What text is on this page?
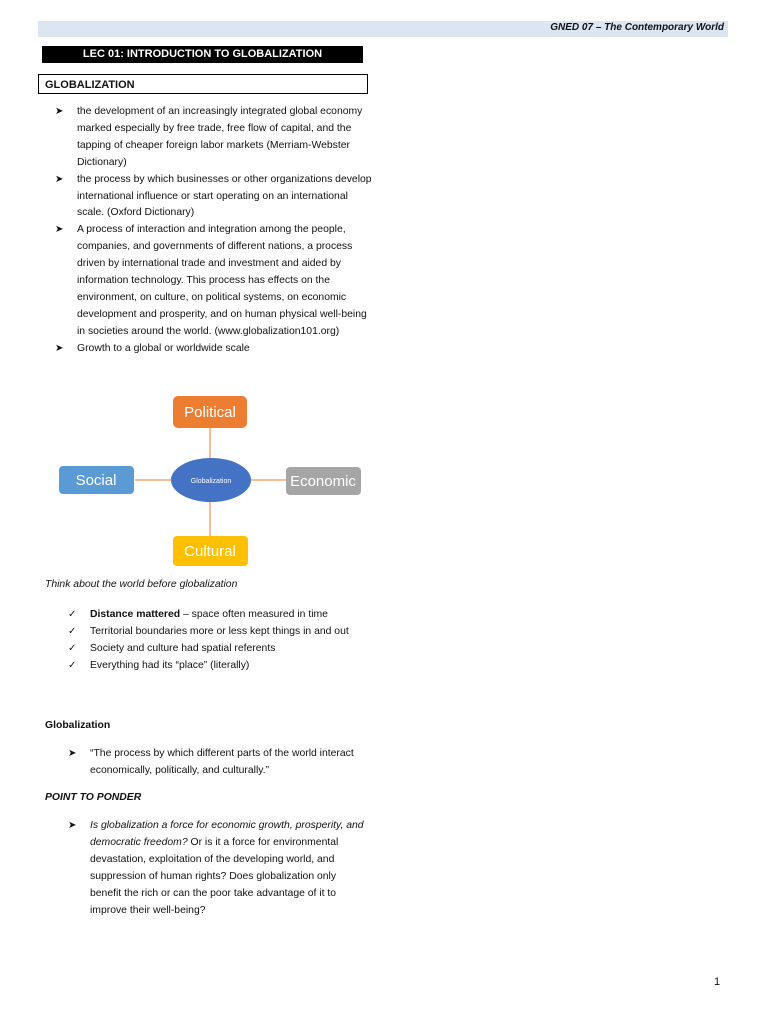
GNED 07 – The Contemporary World
LEC 01: INTRODUCTION TO GLOBALIZATION
GLOBALIZATION
➤ the development of an increasingly integrated global economy marked especially by free trade, free flow of capital, and the tapping of cheaper foreign labor markets (Merriam-Webster Dictionary)
➤ the process by which businesses or other organizations develop international influence or start operating on an international scale. (Oxford Dictionary)
➤ A process of interaction and integration among the people, companies, and governments of different nations, a process driven by international trade and investment and aided by information technology. This process has effects on the environment, on culture, on political systems, on economic development and prosperity, and on human physical well-being in societies around the world. (www.globalization101.org)
➤ Growth to a global or worldwide scale
Political
Social	Economic
Cultural
Globalization
Think about the world before globalization
✓ Distance mattered – space often measured in time
✓ Territorial boundaries more or less kept things in and out
✓ Society and culture had spatial referents
✓ Everything had its “place” (literally)
Globalization
➤ “The process by which different parts of the world interact economically, politically, and culturally.”
POINT TO PONDER
➤ Is globalization a force for economic growth, prosperity, and democratic freedom? Or is it a force for environmental devastation, exploitation of the developing world, and suppression of human rights? Does globalization only benefit the rich or can the poor take advantage of it to improve their well-being?
1
